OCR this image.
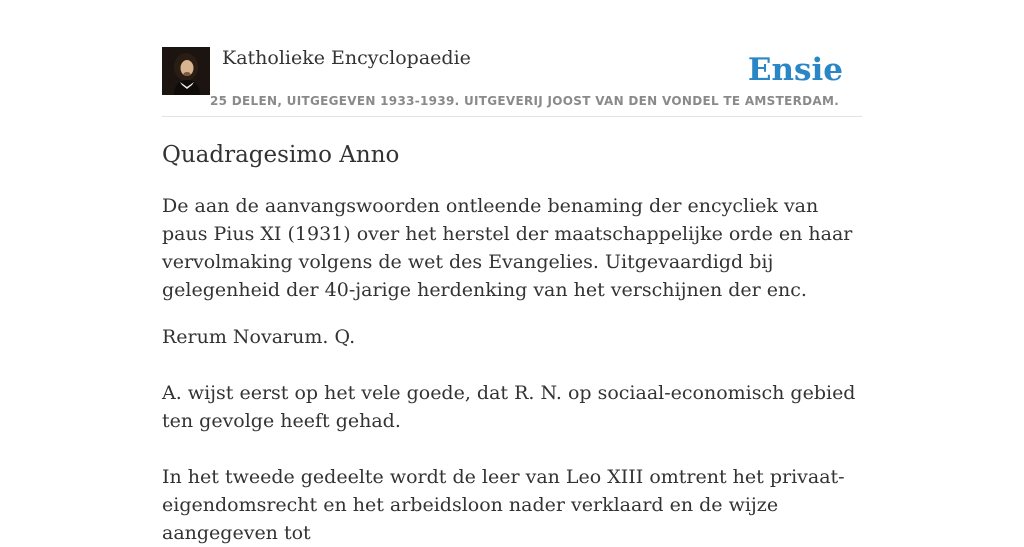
Katholieke Encyclopaedie
25 DELEN, UITGEGEVEN 1933-1939. UITGEVERIJ JOOST VAN DEN VONDEL TE AMSTERDAM.
Ensie
Quadragesimo Anno

De aan de aanvangswoorden ontleende benaming der encycliek van paus Pius XI (1931) over het herstel der maatschappelijke orde en haar vervolmaking volgens de wet des Evangelies. Uitgevaardigd bij gelegenheid der 40-jarige herdenking van het verschijnen der enc.

Rerum Novarum. Q.

A. wijst eerst op het vele goede, dat R. N. op sociaal-economisch gebied ten gevolge heeft gehad.

In het tweede gedeelte wordt de leer van Leo XIII omtrent het privaat-eigendomsrecht en het arbeidsloon nader verklaard en de wijze aangegeven tot
